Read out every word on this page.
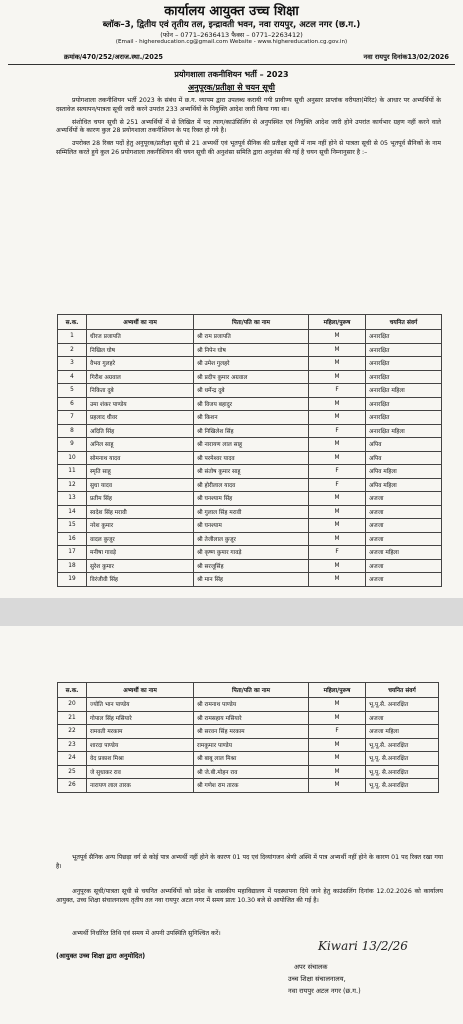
कार्यालय आयुक्त उच्च शिक्षा
ब्लॉक–3, द्वितीय एवं तृतीय तल, इन्द्रावती भवन, नवा रायपुर, अटल नगर (छ.ग.)
(फोन – 0771–2636413 फैक्स – 0771–2263412)
(Email - highereducation.cg@gmail.com Website - www.highereducation.cg.gov.in)
क्रमांक/470/252/अराज.स्था./2025	नवा रायपुर दिनांक13/02/2026
प्रयोगशाला तकनीशियन भर्ती – 2023
अनुपूरक/प्रतीक्षा से चयन सूची
प्रयोगशाला तकनीशियन भर्ती 2023 के संबंध में छ.ग. व्यापम द्वारा उपलब्ध करायी गयी प्रावीण्य सूची अनुसार प्राप्तांक वरीयता(मेरिट) के आधार पर अभ्यर्थियों के दस्तावेज सत्यापन/पात्रता सूची जारी करने उपरांत 233 अभ्यर्थियों के नियुक्ति आदेश जारी किया गया था।
संशोधित चयन सूची से 251 अभ्यर्थियों में से लिखित में पद त्याग/काउंसिलिंग से अनुपस्थित एवं नियुक्ति आदेश जारी होने उपरांत कार्यभार ग्रहण नहीं करने वाले अभ्यर्थियों के कारण कुल 28 प्रयोगशाला तकनीशियन के पद रिक्त हो गये है।
उपरोक्त 28 रिक्त पदों हेतु अनुपूरक/प्रतीक्षा सूची से 21 अभ्यर्थी एवं भूतपूर्व सैनिक की प्रतीक्षा सूची में नाम नहीं होने से पात्रता सूची से 05 भूतपूर्व सैनिकों के नाम सम्मिलित करते हुये कुल 26 प्रयोगशाला तकनीशियन की चयन सूची की अनुशंसा समिति द्वारा अनुशंसा की गई है चयन सूची निम्नानुसार है :–
स.क.	अभ्यर्थी का नाम	पिता/पति का नाम	महिला/पुरूष	चयनित संवर्ग
1	धीरज प्रजापति	श्री राम प्रजापति	M	अनारक्षित
2	निखिल घोष	श्री निपेन घोष	M	अनारक्षित
3	वैभव गुलहरे	श्री उमेश गुलहरे	M	अनारक्षित
4	गिरीश अग्रवाल	श्री प्रदीप कुमार अग्रवाल	M	अनारक्षित
5	निकिता दुबे	श्री धर्मेन्द्र दुबे	F	अनारक्षित महिला
6	उमा शंकर पाण्डेय	श्री विजय बहादुर	M	अनारक्षित
7	प्रहलाद धीवर	श्री किशन	M	अनारक्षित
8	अदिति सिंह	श्री निखिलेश सिंह	F	अनारक्षित महिला
9	अनिल साहू	श्री नारायण लाल साहू	M	अपिव
10	सोमनाथ यादव	श्री परमेश्वर यादव	M	अपिव
11	स्मृति साहू	श्री संतोष कुमार साहू	F	अपिव महिला
12	सुधा यादव	श्री होरीलाल यादव	F	अपिव महिला
13	प्रतीम सिंह	श्री घनश्याम सिंह	M	अजजा
14	स्वदेश सिंह मरावी	श्री गुलाल सिंह मरावी	M	अजजा
15	नरेश कुमार	श्री घनश्याम	M	अजजा
16	वादल कुजूर	श्री तेजीलाल कुजूर	M	अजजा
17	मनीषा गावड़े	श्री कृष्ण कुमार गावड़े	F	अजजा महिला
18	सुरेश कुमार	श्री सरजूसिंह	M	अजजा
19	विरंजीवी सिंह	श्री मान सिंह	M	अजजा
स.क.	अभ्यर्थी का नाम	पिता/पति का नाम	महिला/पुरूष	चयनित संवर्ग
20	ज्योति भान पाण्डेय	श्री रामनाथ पाण्डेय	M	भू.पू.सै. अनारक्षित
21	गोपाल सिंह मसियारे	श्री रामसहाय मसियारे	M	अजजा
22	रामवती मरकाम	श्री सरवन सिंह मरकाम	F	अजजा महिला
23	शारदा पाण्डेय	रामकुमार पाण्डेय	M	भू.पू.सै. अनारक्षित
24	वेद प्रकाश मिश्रा	श्री बाबू लाल मिश्रा	M	भू.पू. सै.अनारक्षित
25	जे सुधाकर राव	श्री जे.बी.मोहन राव	M	भू.पू. सै.अनारक्षित
26	नारायण लाल तारक	श्री गणेश राम तारक	M	भू.पू. सै.अनारक्षित
भूतपूर्व सैनिक अन्य पिछड़ा वर्ग से कोई पात्र अभ्यर्थी नहीं होने के कारण 01 पद एवं दिव्यांगजन श्रेणी अस्थि में पात्र अभ्यर्थी नहीं होने के कारण 01 पद रिक्त रखा गया है।
अनुपूरक सूची/पात्रता सूची से चयनित अभ्यर्थियों को प्रदेश के शासकीय महाविद्यालय में पदस्थापना दिये जाने हेतु काउंसलिंग दिनांक 12.02.2026 को कार्यालय आयुक्त, उच्च शिक्षा संचालनालय तृतीय तल नवा रायपुर अटल नगर में समय प्रातः 10.30 बजे से आयोजित की गई है।
अभ्यर्थी निर्धारित तिथि एवं समय में अपनी उपस्थिति सुनिश्चित करें।
(आयुक्त उच्च शिक्षा द्वारा अनुमोदित)
Kiwari 13/2/26
अपर संचालक
उच्च शिक्षा संचालनालय,
नवा रायपुर अटल नगर (छ.ग.)
